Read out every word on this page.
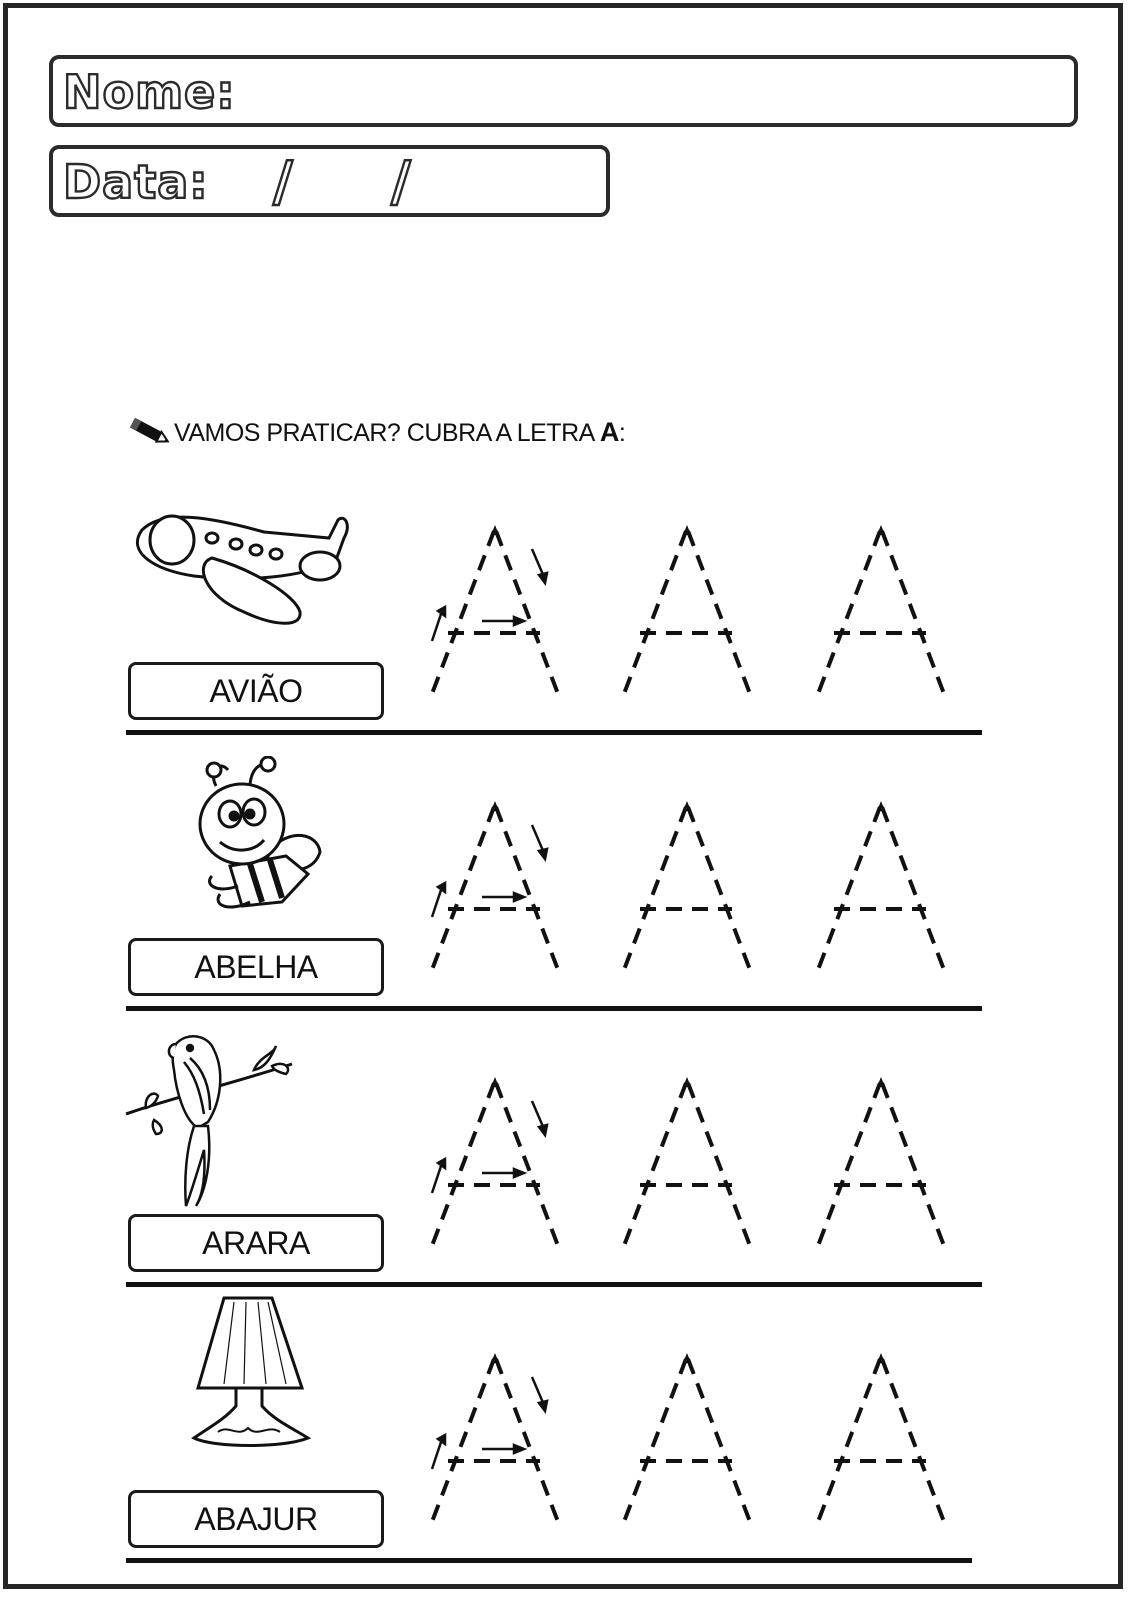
Nome:
Data: / /
VAMOS PRATICAR? CUBRA A LETRA A:
AVIÃO
ABELHA
ARARA
ABAJUR
